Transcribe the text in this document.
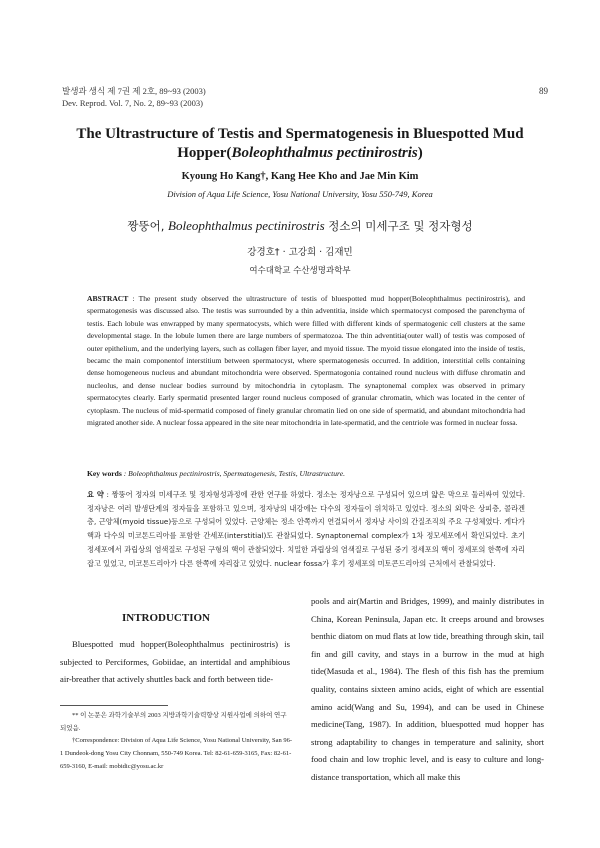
발생과 생식 제 7권 제 2호, 89~93 (2003)
Dev. Reprod. Vol. 7, No. 2, 89~93 (2003)
89
The Ultrastructure of Testis and Spermatogenesis in Bluespotted Mud
Hopper(Boleophthalmus pectinirostris)
Kyoung Ho Kang†, Kang Hee Kho and Jae Min Kim
Division of Aqua Life Science, Yosu National University, Yosu 550-749, Korea
짱뚱어, Boleophthalmus pectinirostris 정소의 미세구조 및 정자형성
강경호† · 고강희 · 김재민
여수대학교 수산생명과학부
ABSTRACT : The present study observed the ultrastructure of testis of bluespotted mud hopper(Boleophthalmus pectinirostris), and spermatogenesis was discussed also. The testis was surrounded by a thin adventitia, inside which spermatocyst composed the parenchyma of testis. Each lobule was enwrapped by many spermatocysts, which were filled with different kinds of spermatogenic cell clusters at the same developmental stage. In the lobule lumen there are large numbers of spermatozoa. The thin adventitia(outer wall) of testis was composed of outer epithelium, and the underlying layers, such as collagen fiber layer, and myoid tissue. The myoid tissue elongated into the inside of testis, becamc the main componentof interstitium between spermatocyst, where spermatogenesis occurred. In addition, interstitial cells containing dense homogeneous nucleus and abundant mitochondria were observed. Spermatogonia contained round nucleus with diffuse chromatin and nucleolus, and dense nuclear bodies surround by mitochondria in cytoplasm. The synaptonemal complex was observed in primary spermatocytes clearly. Early spermatid presented larger round nucleus composed of granular chromatin, which was located in the center of cytoplasm. The nucleus of mid-spermatid composed of finely granular chromatin lied on one side of spermatid, and abundant mitochondria had migrated another side. A nuclear fossa appeared in the site near mitochondria in late-spermatid, and the centriole was formed in nuclear fossa.
Key words : Boleophthalmus pectinirostris, Spermatogenesis, Testis, Ultrastructure.
요 약 : 짱뚱어 정자의 미세구조 및 정자형성과정에 관한 연구를 하였다. 정소는 정자낭으로 구성되어 있으며 얇은 막으로 둘러싸여 있었다. 정자낭은 여러 발생단계의 정자들을 포함하고 있으며, 정자낭의 내강에는 다수의 정자들이 위치하고 있었다. 정소의 외막은 상피층, 콜라겐층, 근양체(myoid tissue)등으로 구성되어 있었다. 근양체는 정소 안쪽까지 연결되어서 정자낭 사이의 간질조직의 주요 구성체였다. 게다가 핵과 다수의 미코톤드리아를 포함한 간세포(interstitial)도 관찰되었다. Synaptonemal complex가 1차 정모세포에서 확인되었다. 초기 정세포에서 과립상의 염색질로 구성된 구형의 핵이 관찰되었다. 치밀한 과립상의 염색질로 구성된 중기 정세포의 핵이 정세포의 한쪽에 자리잡고 있었고, 미코톤드리아가 다른 한쪽에 자리잡고 있었다. nuclear fossa가 후기 정세포의 미토콘드리아의 근처에서 관찰되었다.
INTRODUCTION
Bluespotted mud hopper(Boleophthalmus pectinirostris) is subjected to Perciformes, Gobiidae, an intertidal and amphibious air-breather that actively shuttles back and forth between tide-
pools and air(Martin and Bridges, 1999), and mainly distributes in China, Korean Peninsula, Japan etc. It creeps around and browses benthic diatom on mud flats at low tide, breathing through skin, tail fin and gill cavity, and stays in a burrow in the mud at high tide(Masuda et al., 1984). The flesh of this fish has the premium quality, contains sixteen amino acids, eight of which are essential amino acid(Wang and Su, 1994), and can be used in Chinese medicine(Tang, 1987). In addition, bluespotted mud hopper has strong adaptability to changes in temperature and salinity, short food chain and low trophic level, and is easy to culture and long-distance transportation, which all make this
** 이 논문은 과학기술부의 2003 지방과학기술력향상 지원사업에 의하여 연구되었음.
†Correspondence: Division of Aqua Life Science, Yosu National University, San 96-1 Dundeok-dong Yosu City Chonnam, 550-749 Korea. Tel: 82-61-659-3165, Fax: 82-61-659-3160, E-mail: mobidic@yosu.ac.kr
